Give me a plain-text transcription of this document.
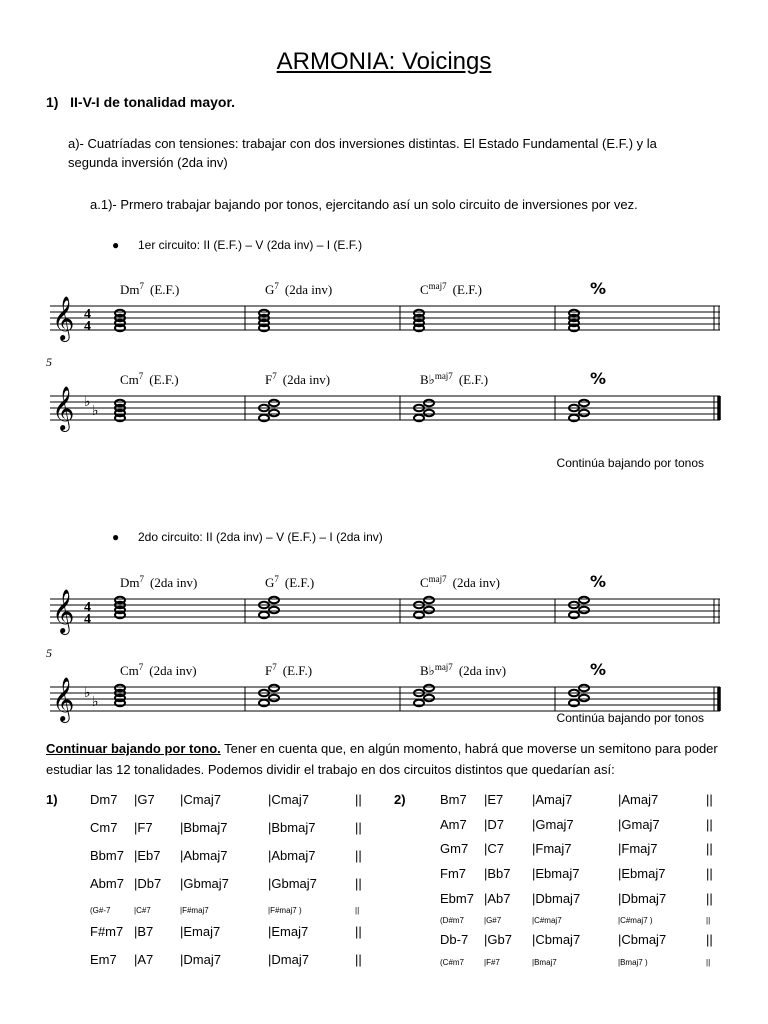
ARMONIA: Voicings
1) II-V-I de tonalidad mayor.
a)- Cuatríadas con tensiones: trabajar con dos inversiones distintas. El Estado Fundamental (E.F.) y la segunda inversión (2da inv)
a.1)- Prmero trabajar bajando por tonos, ejercitando así un solo circuito de inversiones por vez.
● 1er circuito: II (E.F.) – V (2da inv) – I (E.F.)
𝄞 4
4
Dm$^7$ (E.F.)	$G^7$ (2da inv)	$C^{maj7}$ (E.F.)	%
𝄞 ♭
♭
5
Cm$^7$ (E.F.)	$F^7$ (2da inv)	B♭$^{maj7}$ (E.F.)	%
Continúa bajando por tonos
● 2do circuito: II (2da inv) – V (E.F.) – I (2da inv)
𝄞 4
4
Dm$^7$ (2da inv)	$G^7$ (E.F.)	$C^{maj7}$ (2da inv)	%
𝄞 ♭
♭
5
Cm$^7$ (2da inv)	$F^7$ (E.F.)	B♭$^{maj7}$ (2da inv)	%
Continúa bajando por tonos
Continuar bajando por tono. Tener en cuenta que, en algún momento, habrá que moverse un semitono para poder estudiar las 12 tonalidades. Podemos dividir el trabajo en dos circuitos distintos que quedarían así:
1) Dm7 |G7 |Cmaj7	|Cmaj7	||
Cm7 |F7 |Bbmaj7	|Bbmaj7	||
Bbm7 |Eb7 |Abmaj7	|Abmaj7	||
Abm7 |Db7 |Gbmaj7	|Gbmaj7	||
(G#-7	|C#7	|F#maj7	|F#maj7 )	||
F#m7 |B7 |Emaj7	|Emaj7	||
Em7 |A7 |Dmaj7	|Dmaj7	||
2)	Bm7 |E7 |Amaj7	|Amaj7	||
Am7 |D7 |Gmaj7	|Gmaj7	||
Gm7 |C7 |Fmaj7	|Fmaj7	||
Fm7 |Bb7 |Ebmaj7	|Ebmaj7	||
Ebm7 |Ab7 |Dbmaj7	|Dbmaj7	||
(D#m7 |G#7	|C#maj7	|C#maj7 )	||
Db-7 |Gb7 |Cbmaj7	|Cbmaj7	||
(C#m7 |F#7	|Bmaj7	|Bmaj7 )	||
